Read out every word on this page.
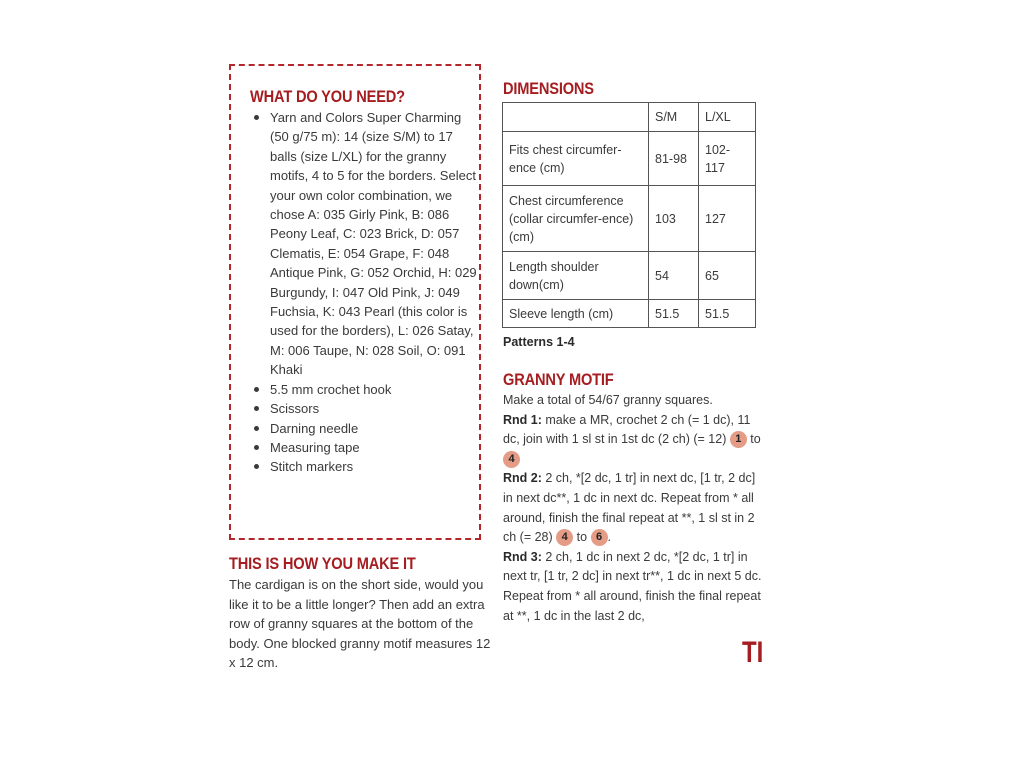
WHAT DO YOU NEED?
Yarn and Colors Super Charming (50 g/75 m): 14 (size S/M) to 17 balls (size L/XL) for the granny motifs, 4 to 5 for the borders. Select your own color combination, we chose A: 035 Girly Pink, B: 086 Peony Leaf, C: 023 Brick, D: 057 Clematis, E: 054 Grape, F: 048 Antique Pink, G: 052 Orchid, H: 029 Burgundy, I: 047 Old Pink, J: 049 Fuchsia, K: 043 Pearl (this color is used for the borders), L: 026 Satay, M: 006 Taupe, N: 028 Soil, O: 091 Khaki
5.5 mm crochet hook
Scissors
Darning needle
Measuring tape
Stitch markers
THIS IS HOW YOU MAKE IT

The cardigan is on the short side, would you like it to be a little longer? Then add an extra row of granny squares at the bottom of the body. One blocked granny motif measures 12 x 12 cm.

DIMENSIONS
	S/M	L/XL
Fits chest circumfer-ence (cm)	81-98	102-117
Chest circumference (collar circumfer-ence) (cm)	103	127
Length shoulder down(cm)	54	65
Sleeve length (cm)	51.5	51.5

Patterns 1-4

GRANNY MOTIF
Make a total of 54/67 granny squares.
Rnd 1: make a MR, crochet 2 ch (= 1 dc), 11 dc, join with 1 sl st in 1st dc (2 ch) (= 12) 1 to 4
Rnd 2: 2 ch, *[2 dc, 1 tr] in next dc, [1 tr, 2 dc] in next dc**, 1 dc in next dc. Repeat from * all around, finish the final repeat at **, 1 sl st in 2 ch (= 28) 4 to 6 .
Rnd 3: 2 ch, 1 dc in next 2 dc, *[2 dc, 1 tr] in next tr, [1 tr, 2 dc] in next tr**, 1 dc in next 5 dc. Repeat from * all around, finish the final repeat at **, 1 dc in the last 2 dc,
TI
